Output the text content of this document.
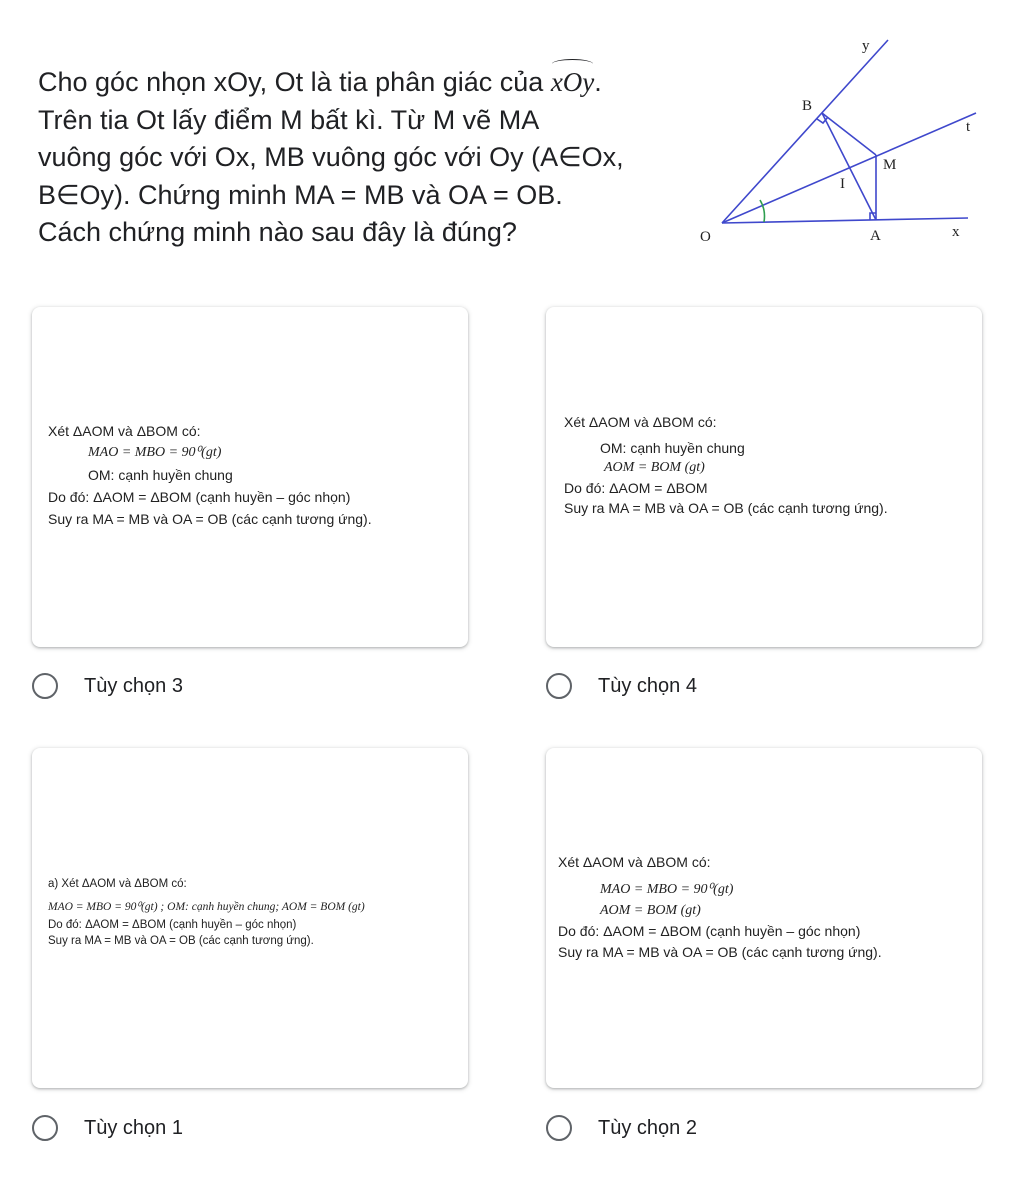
Cho góc nhọn xOy, Ot là tia phân giác của xOy.
Trên tia Ot lấy điểm M bất kì. Từ M vẽ MA
vuông góc với Ox, MB vuông góc với Oy (A∈Ox,
B∈Oy). Chứng minh MA = MB và OA = OB.
Cách chứng minh nào sau đây là đúng?
y
B
t
M
I
O	A	x
Xét ΔAOM và ΔBOM có:
MAO = MBO = 90⁰(gt)
OM: cạnh huyền chung
Do đó: ΔAOM = ΔBOM (cạnh huyền – góc nhọn)
Suy ra MA = MB và OA = OB (các cạnh tương ứng).
Tùy chọn 3
Xét ΔAOM và ΔBOM có:
OM: cạnh huyền chung
AOM = BOM (gt)
Do đó: ΔAOM = ΔBOM
Suy ra MA = MB và OA = OB (các cạnh tương ứng).
Tùy chọn 4
a) Xét ΔAOM và ΔBOM có:
MAO = MBO = 90⁰(gt) ; OM: cạnh huyền chung; AOM = BOM (gt)
Do đó: ΔAOM = ΔBOM (cạnh huyền – góc nhọn)
Suy ra MA = MB và OA = OB (các cạnh tương ứng).
Tùy chọn 1
Xét ΔAOM và ΔBOM có:
MAO = MBO = 90⁰(gt)
AOM = BOM (gt)
Do đó: ΔAOM = ΔBOM (cạnh huyền – góc nhọn)
Suy ra MA = MB và OA = OB (các cạnh tương ứng).
Tùy chọn 2
